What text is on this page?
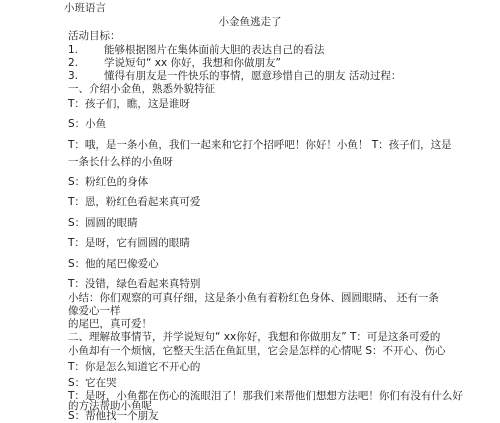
小班语言
小金鱼逃走了
活动目标：
1. 能够根据图片在集体面前大胆的表达自己的看法
2. 学说短句“ xx 你好，我想和你做朋友”
3. 懂得有朋友是一件快乐的事情，愿意珍惜自己的朋友 活动过程：
一、介绍小金鱼，熟悉外貌特征
T：孩子们，瞧，这是谁呀
S：小鱼
T：哦，是一条小鱼，我们一起来和它打个招呼吧！你好！小鱼！ T：孩子们，这是
一条长什么样的小鱼呀
S：粉红色的身体
T：恩，粉红色看起来真可爱
S：圆圆的眼睛
T：是呀，它有圆圆的眼睛
S：他的尾巴像爱心
T：没错，绿色看起来真特别
小结：你们观察的可真仔细，这是条小鱼有着粉红色身体、圆圆眼睛、 还有一条
像爱心一样
的尾巴，真可爱！
二、理解故事情节，并学说短句“ xx你好，我想和你做朋友” T：可是这条可爱的
小鱼却有一个烦恼，它整天生活在鱼缸里，它会是怎样的心情呢 S：不开心、伤心
T：你是怎么知道它不开心的
S：它在哭
T：是呀，小鱼都在伤心的流眼泪了！那我们来帮他们想想方法吧！你们有没有什么好
的方法帮助小鱼呢
S：帮他找一个朋友
